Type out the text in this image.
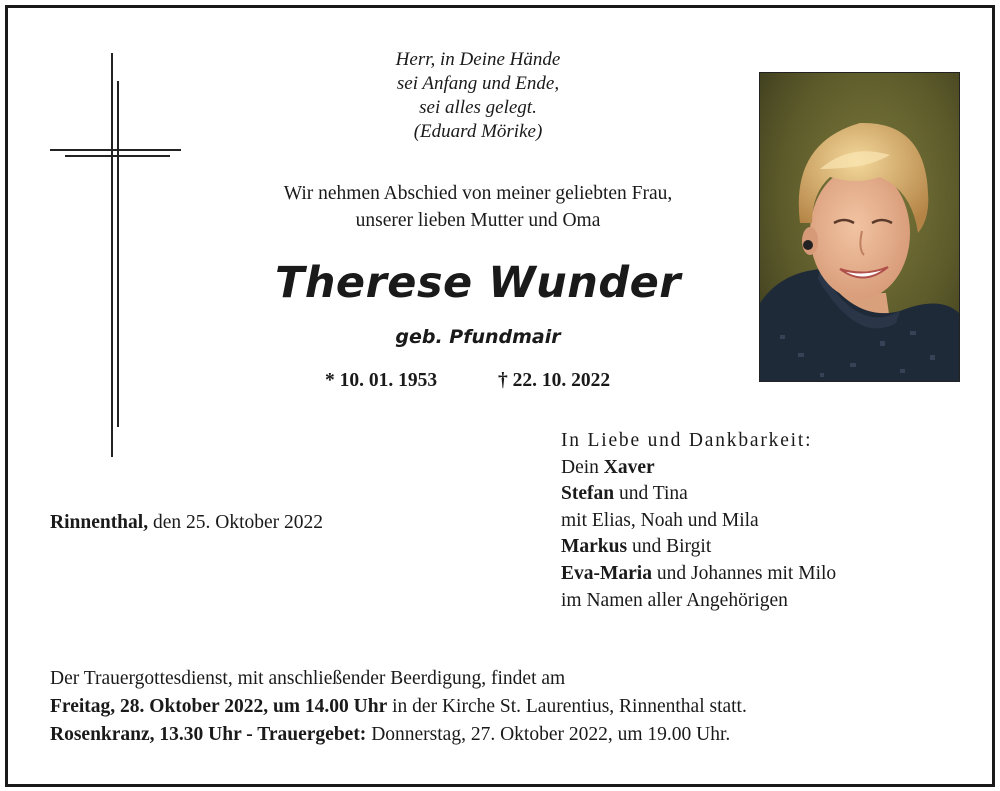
Herr, in Deine Hände
sei Anfang und Ende,
sei alles gelegt.
(Eduard Mörike)
Wir nehmen Abschied von meiner geliebten Frau,
unserer lieben Mutter und Oma
Therese Wunder
geb. Pfundmair
* 10. 01. 1953	† 22. 10. 2022
Rinnenthal, den 25. Oktober 2022
In Liebe und Dankbarkeit:
Dein Xaver
Stefan und Tina
mit Elias, Noah und Mila
Markus und Birgit
Eva-Maria und Johannes mit Milo
im Namen aller Angehörigen
Der Trauergottesdienst, mit anschließender Beerdigung, findet am
Freitag, 28. Oktober 2022, um 14.00 Uhr in der Kirche St. Laurentius, Rinnenthal statt.
Rosenkranz, 13.30 Uhr - Trauergebet: Donnerstag, 27. Oktober 2022, um 19.00 Uhr.
